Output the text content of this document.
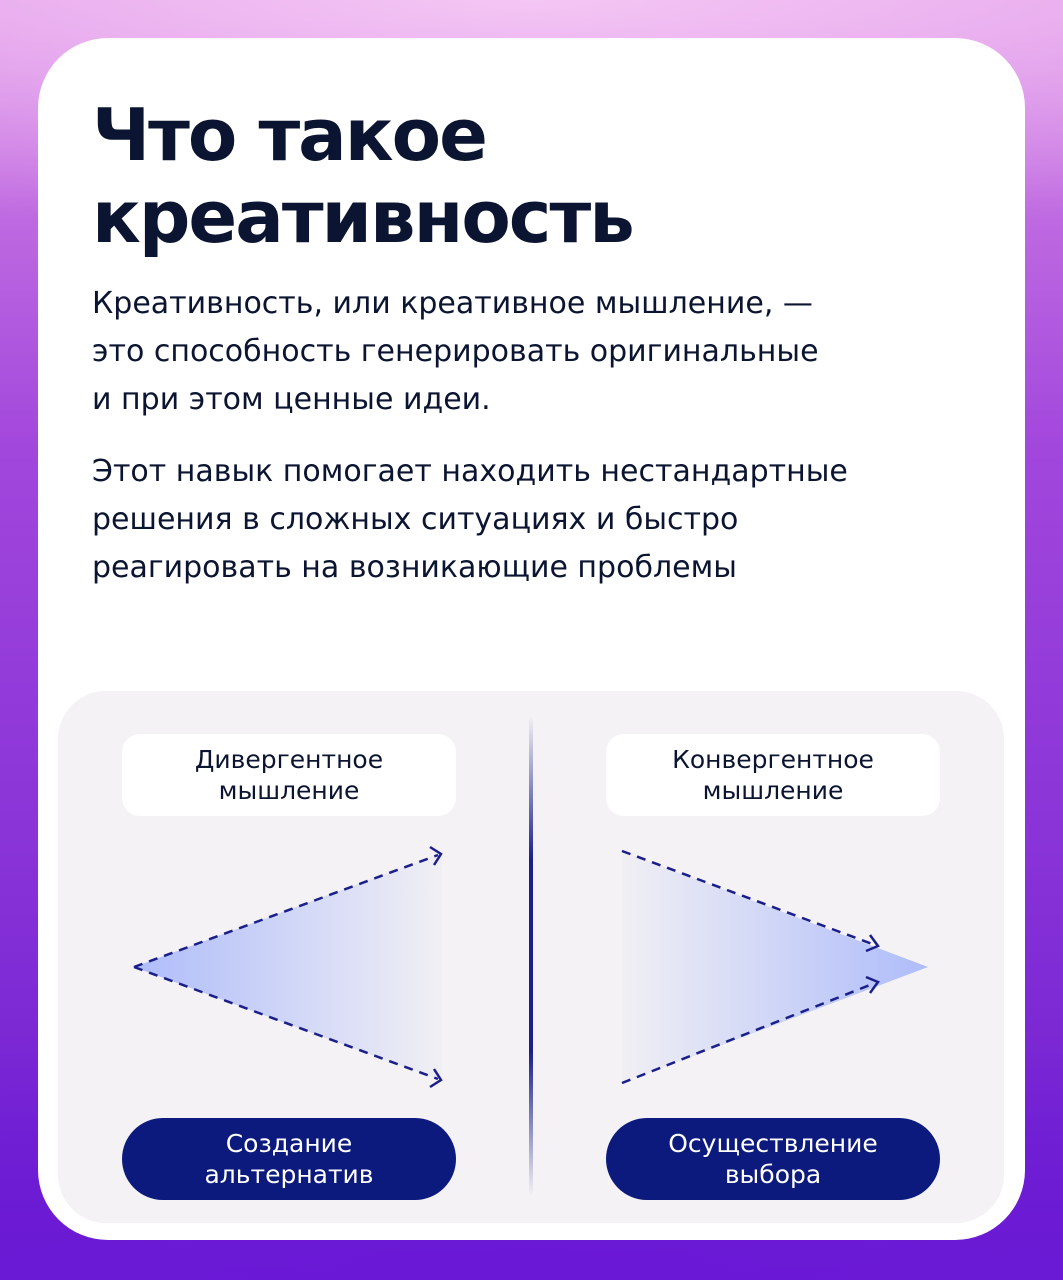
Что такое
креативность

Креативность, или креативное мышление, —
это способность генерировать оригинальные
и при этом ценные идеи.

Этот навык помогает находить нестандартные
решения в сложных ситуациях и быстро
реагировать на возникающие проблемы

Дивергентное
мышление
Конвергентное
мышление
Создание
альтернатив
Осуществление
выбора
